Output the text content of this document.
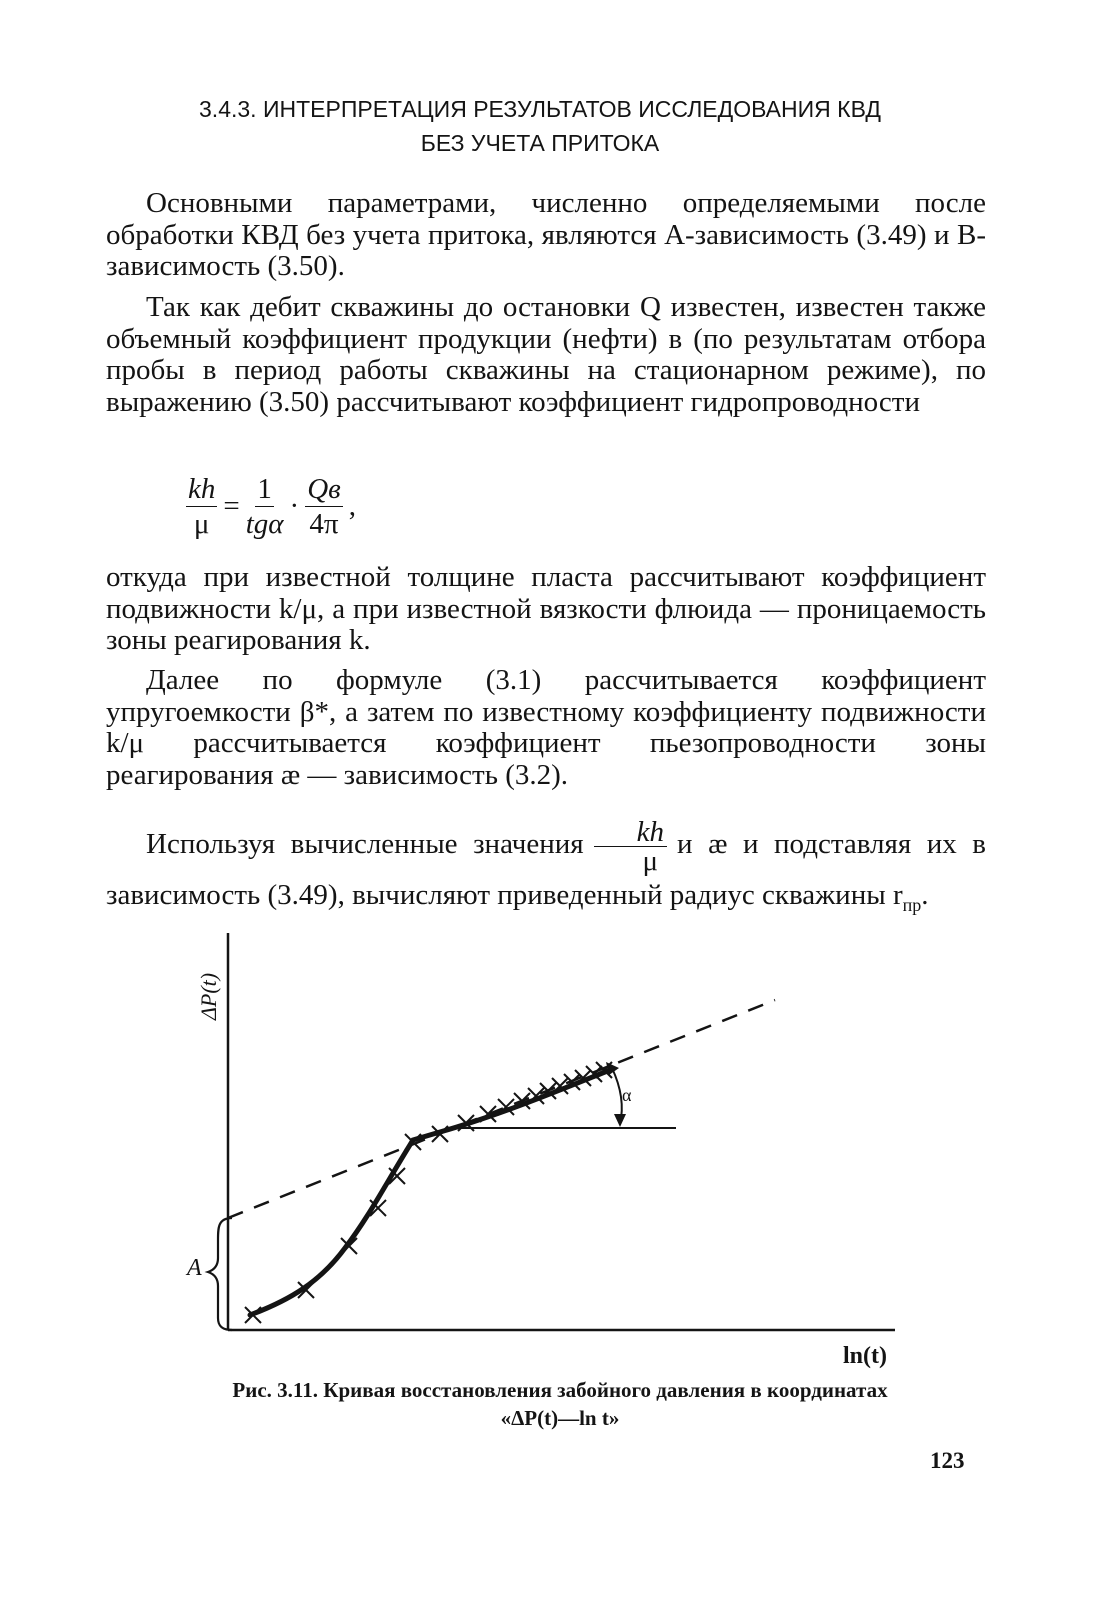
3.4.3. ИНТЕРПРЕТАЦИЯ РЕЗУЛЬТАТОВ ИССЛЕДОВАНИЯ КВД
БЕЗ УЧЕТА ПРИТОКА

Основными параметрами, численно определяемыми после обработки КВД без учета притока, являются А-зависимость (3.49) и В-зависимость (3.50).

Так как дебит скважины до остановки Q известен, известен также объемный коэффициент продукции (нефти) в (по результатам отбора пробы в период работы скважины на стационарном режиме), по выражению (3.50) рассчитывают коэффициент гидропроводности

$\frac{kh}{\mu} = \frac{1}{\text{tgα}} \cdot \frac{Qв}{4\pi}$ ,

откуда при известной толщине пласта рассчитывают коэффициент подвижности k/μ, а при известной вязкости флюида — проницаемость зоны реагирования k.

Далее по формуле (3.1) рассчитывается коэффициент упругоемкости β*, а затем по известному коэффициенту подвижности k/μ рассчитывается коэффициент пьезопроводности зоны реагирования æ — зависимость (3.2).

Используя вычисленные значения $\frac{kh}{\mu}$ и æ и подставляя их в зависимость (3.49), вычисляют приведенный радиус скважины $r_{пр}$.

ΔP(t)
A
α
ln(t)
Рис. 3.11. Кривая восстановления забойного давления в координатах
«ΔP(t)—ln t»
123
